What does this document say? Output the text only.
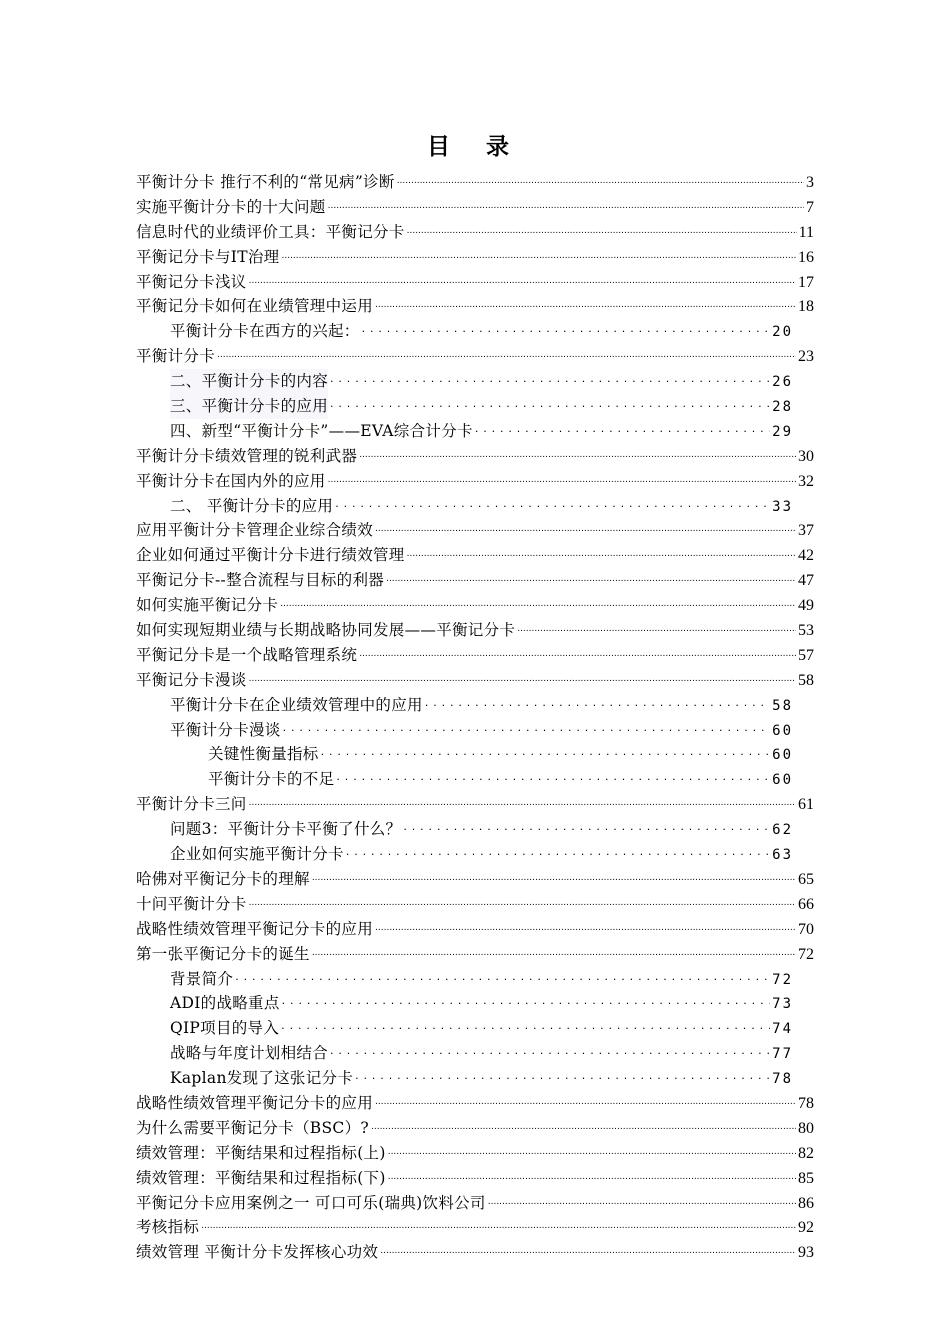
目 录
平衡计分卡 推行不利的“常见病”诊断 .....	3
实施平衡计分卡的十大问题 .....	7
信息时代的业绩评价工具：平衡记分卡 .....	11
平衡记分卡与IT治理 .....	16
平衡记分卡浅议 .....	17
平衡记分卡如何在业绩管理中运用 .....	18
平衡计分卡在西方的兴起： . . .	20
平衡计分卡 .....	23
二、平衡计分卡的内容 . . .	26
三、平衡计分卡的应用 . . .	28
四、新型“平衡计分卡”——EVA综合计分卡 . . .	29
平衡计分卡绩效管理的锐利武器 .....	30
平衡计分卡在国内外的应用 .....	32
二、 平衡计分卡的应用 . . .	33
应用平衡计分卡管理企业综合绩效 .....	37
企业如何通过平衡计分卡进行绩效管理 .....	42
平衡记分卡--整合流程与目标的利器 .....	47
如何实施平衡记分卡 .....	49
如何实现短期业绩与长期战略协同发展——平衡记分卡 .....	53
平衡记分卡是一个战略管理系统 .....	57
平衡记分卡漫谈 .....	58
平衡计分卡在企业绩效管理中的应用 . . .	58
平衡计分卡漫谈 . . .	60
关键性衡量指标 . . .	60
平衡计分卡的不足 . . .	60
平衡计分卡三问 .....	61
问题3：平衡计分卡平衡了什么？ . . .	62
企业如何实施平衡计分卡 . . .	63
哈佛对平衡记分卡的理解 .....	65
十问平衡计分卡 .....	66
战略性绩效管理平衡记分卡的应用 .....	70
第一张平衡记分卡的诞生 .....	72
背景简介 . . .	72
ADI的战略重点 . . .	73
QIP项目的导入 . . .	74
战略与年度计划相结合 . . .	77
Kaplan发现了这张记分卡 . . .	78
战略性绩效管理平衡记分卡的应用 .....	78
为什么需要平衡记分卡（BSC）? .....	80
绩效管理：平衡结果和过程指标(上) .....	82
绩效管理：平衡结果和过程指标(下) .....	85
平衡记分卡应用案例之一 可口可乐(瑞典)饮料公司 .....	86
考核指标 .....	92
绩效管理 平衡计分卡发挥核心功效 .....	93
